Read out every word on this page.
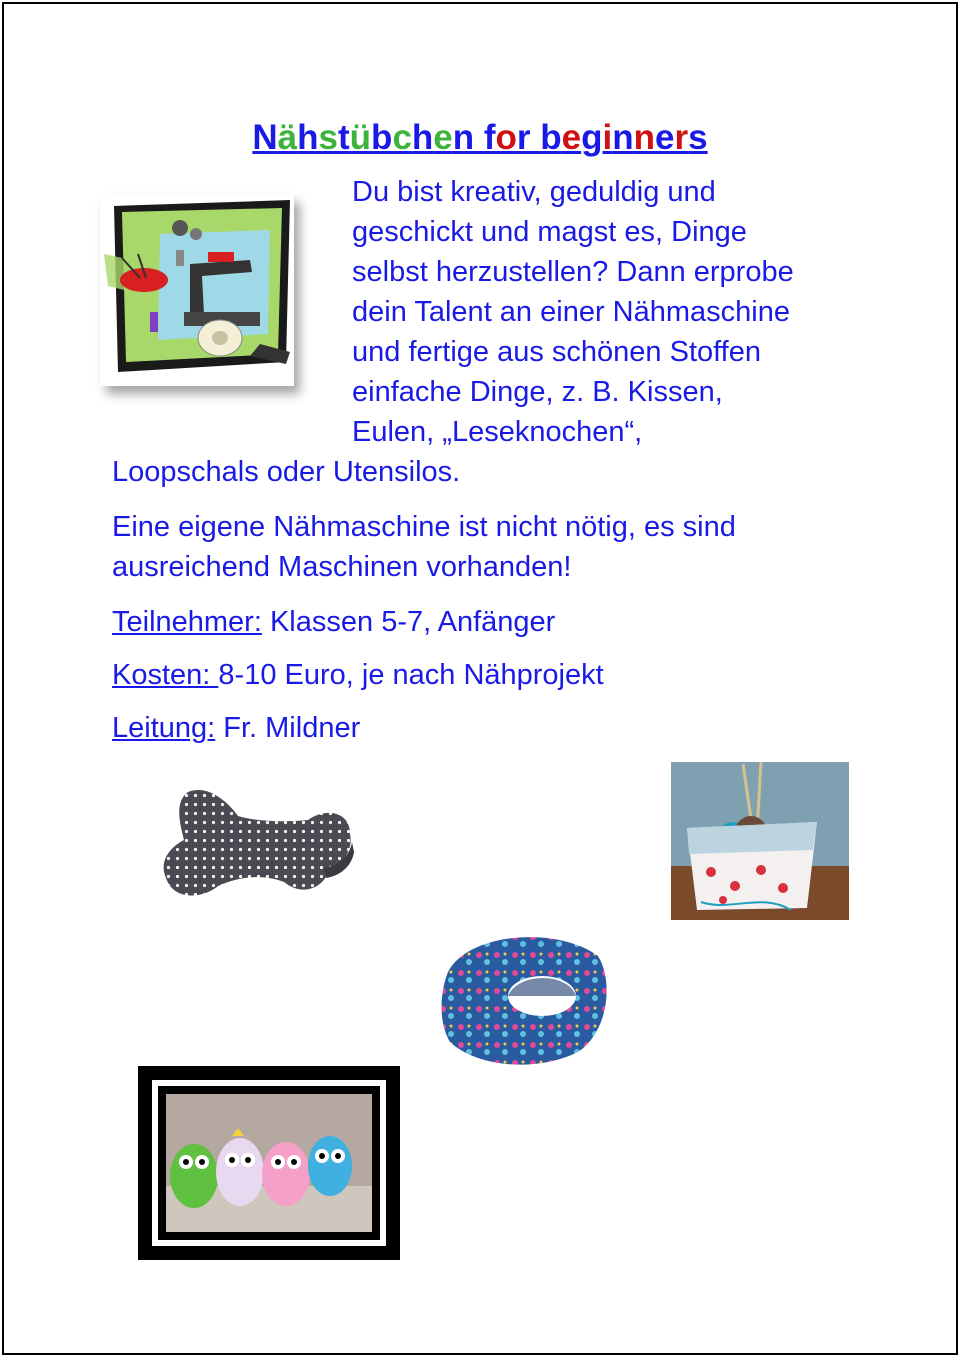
Nähstübchen for beginners
Du bist kreativ, geduldig und
geschickt und magst es, Dinge
selbst herzustellen? Dann erprobe
dein Talent an einer Nähmaschine
und fertige aus schönen Stoffen
einfache Dinge, z. B. Kissen,
Eulen, „Leseknochen“,
Loopschals oder Utensilos.
Eine eigene Nähmaschine ist nicht nötig, es sind
ausreichend Maschinen vorhanden!
Teilnehmer: Klassen 5-7, Anfänger
Kosten: 8-10 Euro, je nach Nähprojekt
Leitung: Fr. Mildner
